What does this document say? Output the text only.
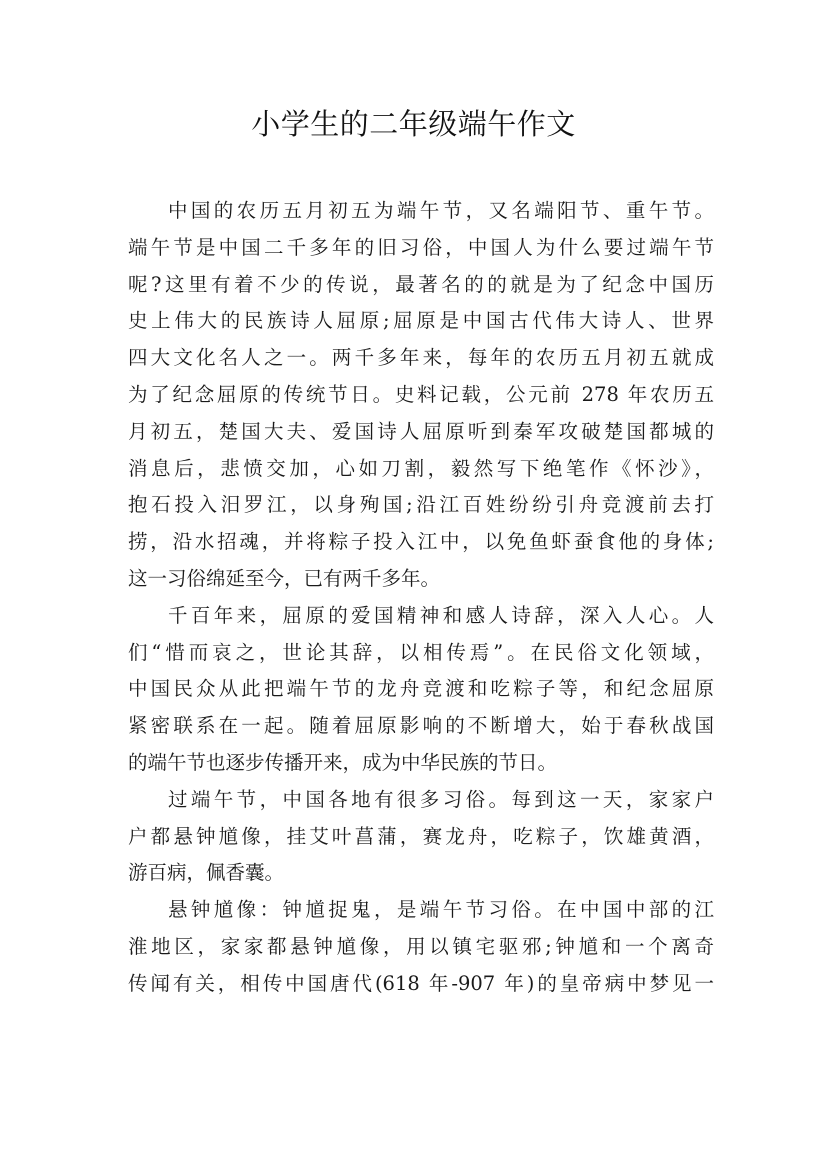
小学生的二年级端午作文
中国的农历五月初五为端午节，又名端阳节、重午节。
端午节是中国二千多年的旧习俗，中国人为什么要过端午节
呢?这里有着不少的传说，最著名的的就是为了纪念中国历
史上伟大的民族诗人屈原;屈原是中国古代伟大诗人、世界
四大文化名人之一。两千多年来，每年的农历五月初五就成
为了纪念屈原的传统节日。史料记载，公元前 278 年农历五
月初五，楚国大夫、爱国诗人屈原听到秦军攻破楚国都城的
消息后，悲愤交加，心如刀割，毅然写下绝笔作《怀沙》，
抱石投入汨罗江，以身殉国;沿江百姓纷纷引舟竞渡前去打
捞，沿水招魂，并将粽子投入江中，以免鱼虾蚕食他的身体;
这一习俗绵延至今，已有两千多年。
千百年来，屈原的爱国精神和感人诗辞，深入人心。人
们“惜而哀之，世论其辞，以相传焉”。在民俗文化领域，
中国民众从此把端午节的龙舟竞渡和吃粽子等，和纪念屈原
紧密联系在一起。随着屈原影响的不断增大，始于春秋战国
的端午节也逐步传播开来，成为中华民族的节日。
过端午节，中国各地有很多习俗。每到这一天，家家户
户都悬钟馗像，挂艾叶菖蒲，赛龙舟，吃粽子，饮雄黄酒，
游百病，佩香囊。
悬钟馗像：钟馗捉鬼，是端午节习俗。在中国中部的江
淮地区，家家都悬钟馗像，用以镇宅驱邪;钟馗和一个离奇
传闻有关，相传中国唐代(618 年-907 年)的皇帝病中梦见一
